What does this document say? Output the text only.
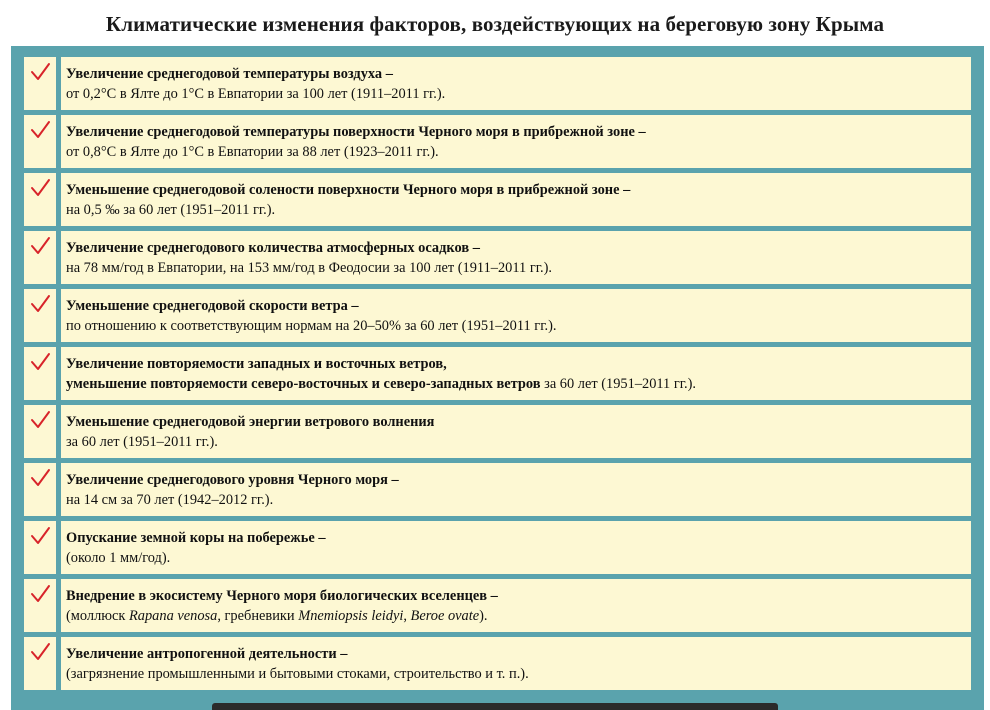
Климатические изменения факторов, воздействующих на береговую зону Крыма
Увеличение среднегодовой температуры воздуха –
от 0,2°С в Ялте до 1°С в Евпатории за 100 лет (1911–2011 гг.).
Увеличение среднегодовой температуры поверхности Черного моря в прибрежной зоне –
от 0,8°С в Ялте до 1°С в Евпатории за 88 лет (1923–2011 гг.).
Уменьшение среднегодовой солености поверхности Черного моря в прибрежной зоне –
на 0,5 ‰ за 60 лет (1951–2011 гг.).
Увеличение среднегодового количества атмосферных осадков –
на 78 мм/год в Евпатории, на 153 мм/год в Феодосии за 100 лет (1911–2011 гг.).
Уменьшение среднегодовой скорости ветра –
по отношению к соответствующим нормам на 20–50% за 60 лет (1951–2011 гг.).
Увеличение повторяемости западных и восточных ветров,
уменьшение повторяемости северо-восточных и северо-западных ветров за 60 лет (1951–2011 гг.).
Уменьшение среднегодовой энергии ветрового волнения
за 60 лет (1951–2011 гг.).
Увеличение среднегодового уровня Черного моря –
на 14 см за 70 лет (1942–2012 гг.).
Опускание земной коры на побережье –
(около 1 мм/год).
Внедрение в экосистему Черного моря биологических вселенцев –
(моллюск Rapana venosa, гребневики Mnemiopsis leidyi, Beroe ovate).
Увеличение антропогенной деятельности –
(загрязнение промышленными и бытовыми стоками, строительство и т. п.).
